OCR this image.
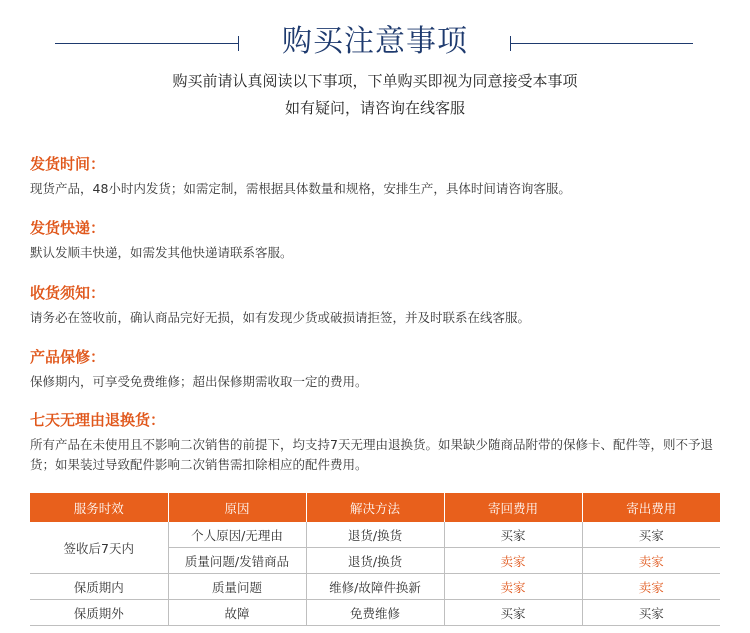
购买注意事项
购买前请认真阅读以下事项，下单购买即视为同意接受本事项
如有疑问，请咨询在线客服

发货时间：

现货产品，48小时内发货；如需定制，需根据具体数量和规格，安排生产，具体时间请咨询客服。

发货快递：

默认发顺丰快递，如需发其他快递请联系客服。

收货须知：

请务必在签收前，确认商品完好无损，如有发现少货或破损请拒签，并及时联系在线客服。

产品保修：

保修期内，可享受免费维修；超出保修期需收取一定的费用。

七天无理由退换货：

所有产品在未使用且不影响二次销售的前提下，均支持7天无理由退换货。如果缺少随商品附带的保修卡、配件等，则不予退货；如果装过导致配件影响二次销售需扣除相应的配件费用。

服务时效	原因	解决方法	寄回费用	寄出费用
签收后7天内	个人原因/无理由	退货/换货	买家	买家
	质量问题/发错商品	退货/换货	卖家	卖家
保质期内	质量问题	维修/故障件换新	卖家	卖家
保质期外	故障	免费维修	买家	买家
